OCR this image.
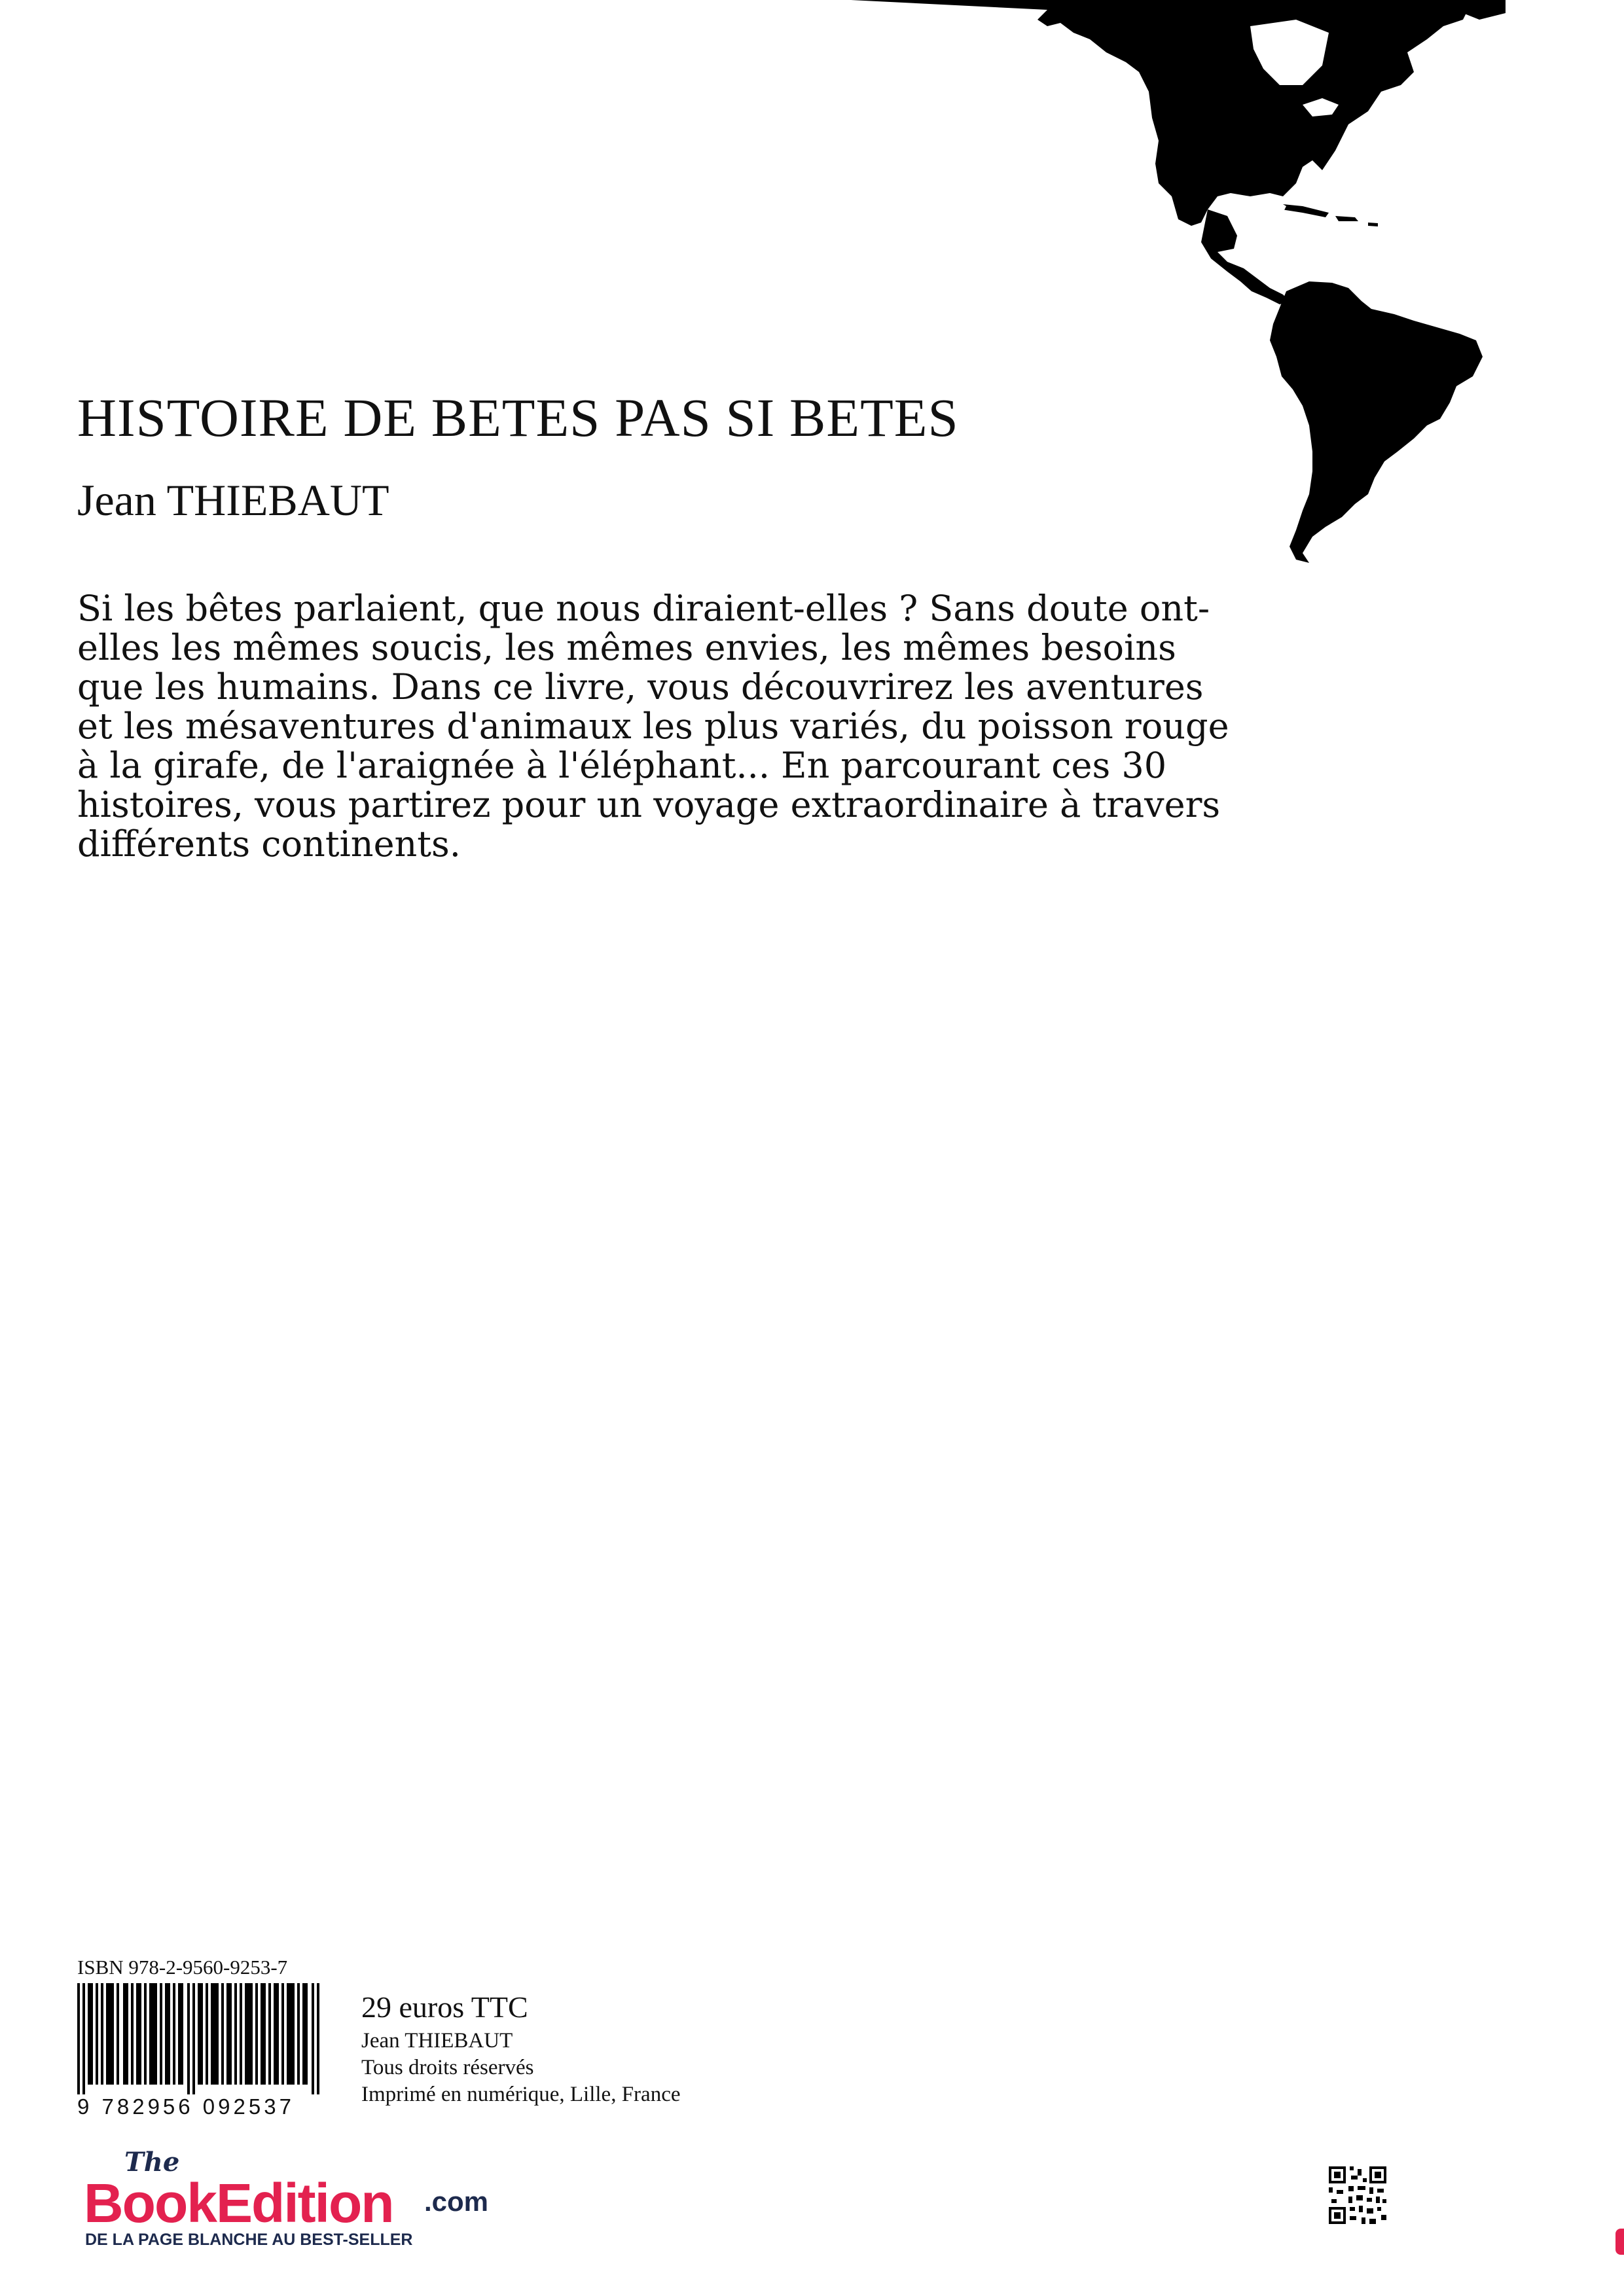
HISTOIRE DE BETES PAS SI BETES
Jean THIEBAUT
Si les bêtes parlaient, que nous diraient-elles ? Sans doute ont-elles les mêmes soucis, les mêmes envies, les mêmes besoins que les humains. Dans ce livre, vous découvrirez les aventures et les mésaventures d'animaux les plus variés, du poisson rouge à la girafe, de l'araignée à l'éléphant... En parcourant ces 30 histoires, vous partirez pour un voyage extraordinaire à travers différents continents.
ISBN 978-2-9560-9253-7
9 782956 092537
29 euros TTC
Jean THIEBAUT
Tous droits réservés
Imprimé en numérique, Lille, France
The
BookEdition .com
DE LA PAGE BLANCHE AU BEST-SELLER
